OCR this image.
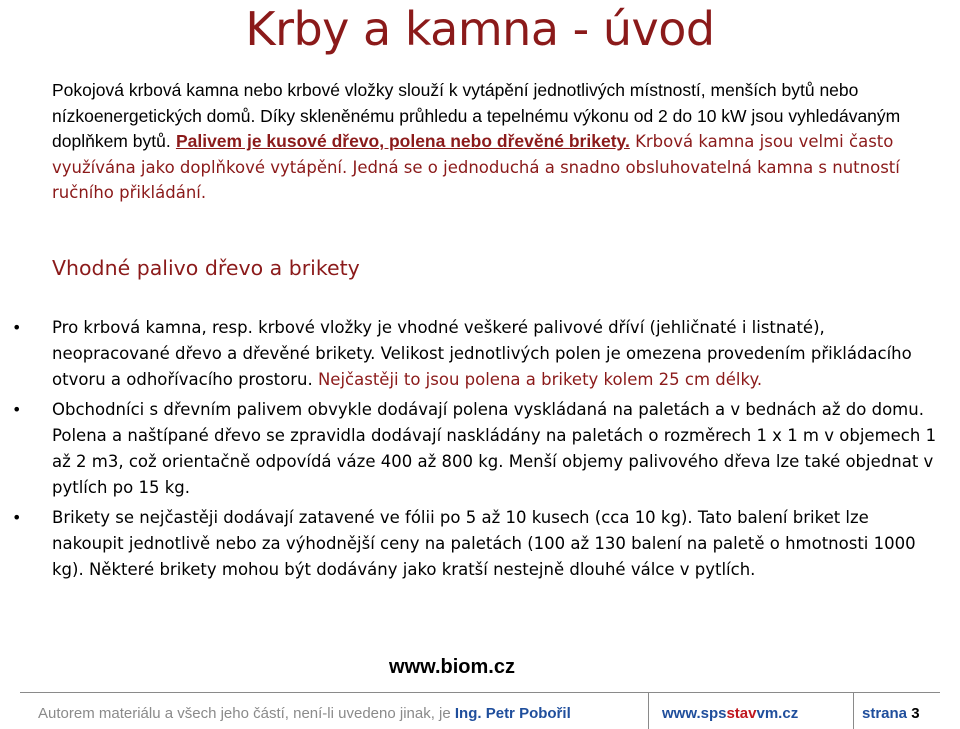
Krby a kamna - úvod

Pokojová krbová kamna nebo krbové vložky slouží k vytápění jednotlivých místností, menších bytů nebo nízkoenergetických domů. Díky skleněnému průhledu a tepelnému výkonu od 2 do 10 kW jsou vyhledávaným doplňkem bytů. Palivem je kusové dřevo, polena nebo dřevěné brikety. Krbová kamna jsou velmi často využívána jako doplňkové vytápění. Jedná se o jednoduchá a snadno obsluhovatelná kamna s nutností ručního přikládání.

Vhodné palivo dřevo a brikety
• Pro krbová kamna, resp. krbové vložky je vhodné veškeré palivové dříví (jehličnaté i listnaté), neopracované dřevo a dřevěné brikety. Velikost jednotlivých polen je omezena provedením přikládacího otvoru a odhořívacího prostoru. Nejčastěji to jsou polena a brikety kolem 25 cm délky.
• Obchodníci s dřevním palivem obvykle dodávají polena vyskládaná na paletách a v bednách až do domu. Polena a naštípané dřevo se zpravidla dodávají naskládány na paletách o rozměrech 1 x 1 m v objemech 1 až 2 m3, což orientačně odpovídá váze 400 až 800 kg. Menší objemy palivového dřeva lze také objednat v pytlích po 15 kg.
• Brikety se nejčastěji dodávají zatavené ve fólii po 5 až 10 kusech (cca 10 kg). Tato balení briket lze nakoupit jednotlivě nebo za výhodnější ceny na paletách (100 až 130 balení na paletě o hmotnosti 1000 kg). Některé brikety mohou být dodávány jako kratší nestejně dlouhé válce v pytlích.
www.biom.cz
Autorem materiálu a všech jeho částí, není-li uvedeno jinak, je Ing. Petr Pobořil	www.spsstavvm.cz	strana 3
